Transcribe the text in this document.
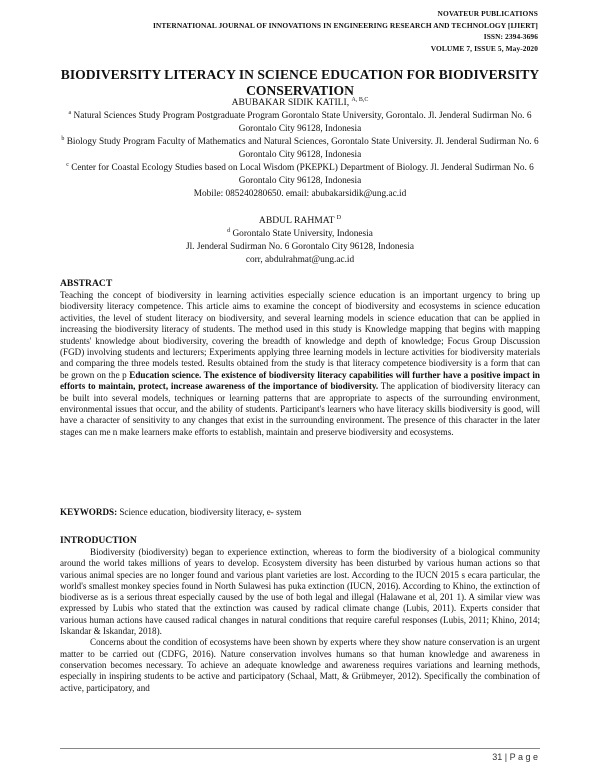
NOVATEUR PUBLICATIONS
INTERNATIONAL JOURNAL OF INNOVATIONS IN ENGINEERING RESEARCH AND TECHNOLOGY [IJIERT]
ISSN: 2394-3696
VOLUME 7, ISSUE 5, May-2020
BIODIVERSITY LITERACY IN SCIENCE EDUCATION FOR BIODIVERSITY CONSERVATION
ABUBAKAR SIDIK KATILI, $^{A, B,C}$
$^a$ Natural Sciences Study Program Postgraduate Program Gorontalo State University, Gorontalo. Jl. Jenderal Sudirman No. 6 Gorontalo City 96128, Indonesia
$^b$ Biology Study Program Faculty of Mathematics and Natural Sciences, Gorontalo State University. Jl. Jenderal Sudirman No. 6 Gorontalo City 96128, Indonesia
$^c$ Center for Coastal Ecology Studies based on Local Wisdom (PKEPKL) Department of Biology. Jl. Jenderal Sudirman No. 6 Gorontalo City 96128, Indonesia
Mobile: 085240280650. email: abubakarsidik@ung.ac.id
ABDUL RAHMAT $^D$
$^d$ Gorontalo State University, Indonesia
Jl. Jenderal Sudirman No. 6 Gorontalo City 96128, Indonesia
corr, abdulrahmat@ung.ac.id
ABSTRACT
Teaching the concept of biodiversity in learning activities especially science education is an important urgency to bring up biodiversity literacy competence. This article aims to examine the concept of biodiversity and ecosystems in science education activities, the level of student literacy on biodiversity, and several learning models in science education that can be applied in increasing the biodiversity literacy of students. The method used in this study is Knowledge mapping that begins with mapping students' knowledge about biodiversity, covering the breadth of knowledge and depth of knowledge; Focus Group Discussion (FGD) involving students and lecturers; Experiments applying three learning models in lecture activities for biodiversity materials and comparing the three models tested. Results obtained from the study is that literacy competence biodiversity is a form that can be grown on the p Education science. The existence of biodiversity literacy capabilities will further have a positive impact in efforts to maintain, protect, increase awareness of the importance of biodiversity. The application of biodiversity literacy can be built into several models, techniques or learning patterns that are appropriate to aspects of the surrounding environment, environmental issues that occur, and the ability of students. Participant's learners who have literacy skills biodiversity is good, will have a character of sensitivity to any changes that exist in the surrounding environment. The presence of this character in the later stages can me n make learners make efforts to establish, maintain and preserve biodiversity and ecosystems.
KEYWORDS: Science education, biodiversity literacy, e- system
INTRODUCTION

Biodiversity (biodiversity) began to experience extinction, whereas to form the biodiversity of a biological community around the world takes millions of years to develop. Ecosystem diversity has been disturbed by various human actions so that various animal species are no longer found and various plant varieties are lost. According to the IUCN 2015 s ecara particular, the world's smallest monkey species found in North Sulawesi has puka extinction (IUCN, 2016). According to Khino, the extinction of biodiverse as is a serious threat especially caused by the use of both legal and illegal (Halawane et al, 201 1). A similar view was expressed by Lubis who stated that the extinction was caused by radical climate change (Lubis, 2011). Experts consider that various human actions have caused radical changes in natural conditions that require careful responses (Lubis, 2011; Khino, 2014; Iskandar & Iskandar, 2018).

Concerns about the condition of ecosystems have been shown by experts where they show nature conservation is an urgent matter to be carried out (CDFG, 2016). Nature conservation involves humans so that human knowledge and awareness in conservation becomes necessary. To achieve an adequate knowledge and awareness requires variations and learning methods, especially in inspiring students to be active and participatory (Schaal, Matt, & Grübmeyer, 2012). Specifically the combination of active, participatory, and

31 | P a g e
